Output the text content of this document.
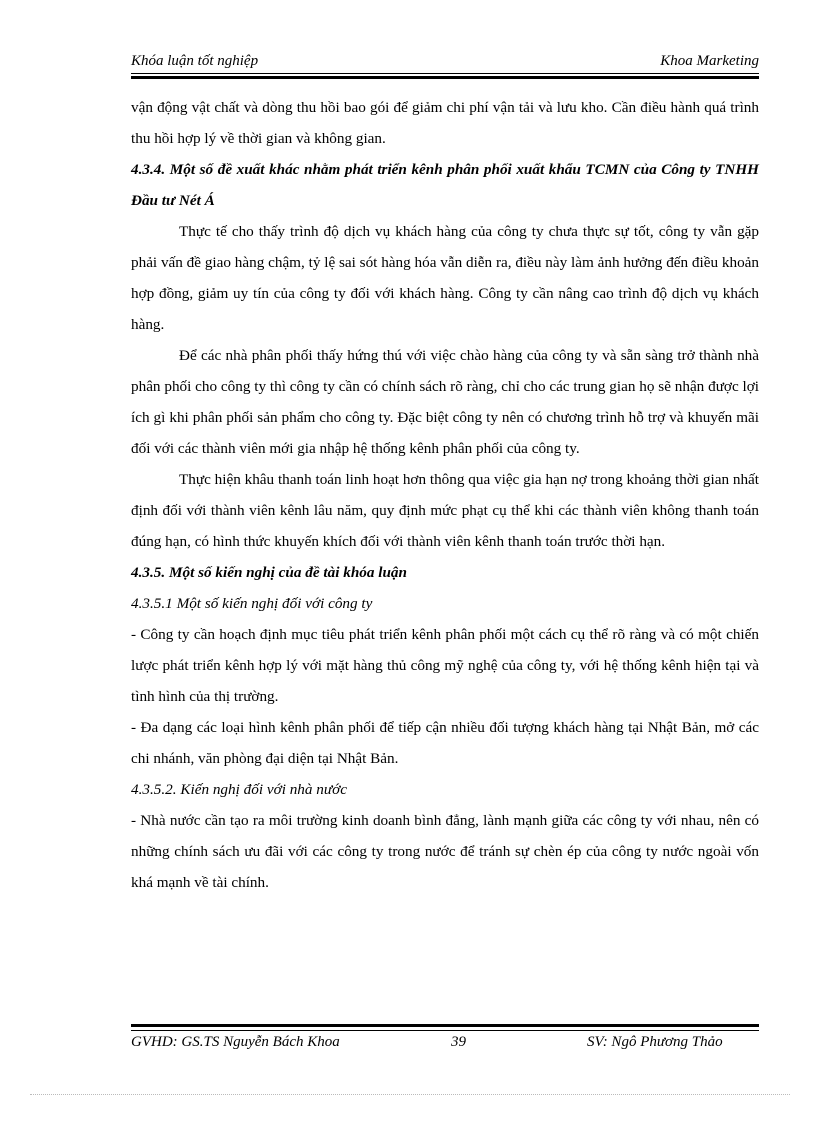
Khóa luận tốt nghiệp	Khoa Marketing

vận động vật chất và dòng thu hồi bao gói để giảm chi phí vận tải và lưu kho. Cần điều hành quá trình thu hồi hợp lý về thời gian và không gian.

4.3.4. Một số đề xuất khác nhằm phát triển kênh phân phối xuất khẩu TCMN của Công ty TNHH Đầu tư Nét Á

Thực tế cho thấy trình độ dịch vụ khách hàng của công ty chưa thực sự tốt, công ty vẫn gặp phải vấn đề giao hàng chậm, tỷ lệ sai sót hàng hóa vẫn diễn ra, điều này làm ảnh hưởng đến điều khoản hợp đồng, giảm uy tín của công ty đối với khách hàng. Công ty cần nâng cao trình độ dịch vụ khách hàng.

Để các nhà phân phối thấy hứng thú với việc chào hàng của công ty và sẵn sàng trở thành nhà phân phối cho công ty thì công ty cần có chính sách rõ ràng, chỉ cho các trung gian họ sẽ nhận được lợi ích gì khi phân phối sản phẩm cho công ty. Đặc biệt công ty nên có chương trình hỗ trợ và khuyến mãi đối với các thành viên mới gia nhập hệ thống kênh phân phối của công ty.

Thực hiện khâu thanh toán linh hoạt hơn thông qua việc gia hạn nợ trong khoảng thời gian nhất định đối với thành viên kênh lâu năm, quy định mức phạt cụ thể khi các thành viên không thanh toán đúng hạn, có hình thức khuyến khích đối với thành viên kênh thanh toán trước thời hạn.

4.3.5. Một số kiến nghị của đề tài khóa luận

4.3.5.1 Một số kiến nghị đối với công ty

- Công ty cần hoạch định mục tiêu phát triển kênh phân phối một cách cụ thể rõ ràng và có một chiến lược phát triển kênh hợp lý với mặt hàng thủ công mỹ nghệ của công ty, với hệ thống kênh hiện tại và tình hình của thị trường.

- Đa dạng các loại hình kênh phân phối để tiếp cận nhiều đối tượng khách hàng tại Nhật Bản, mở các chi nhánh, văn phòng đại diện tại Nhật Bản.

4.3.5.2. Kiến nghị đối với nhà nước

- Nhà nước cần tạo ra môi trường kinh doanh bình đẳng, lành mạnh giữa các công ty với nhau, nên có những chính sách ưu đãi với các công ty trong nước để tránh sự chèn ép của công ty nước ngoài vốn khá mạnh về tài chính.

GVHD: GS.TS Nguyễn Bách Khoa	39	SV: Ngô Phương Thảo
